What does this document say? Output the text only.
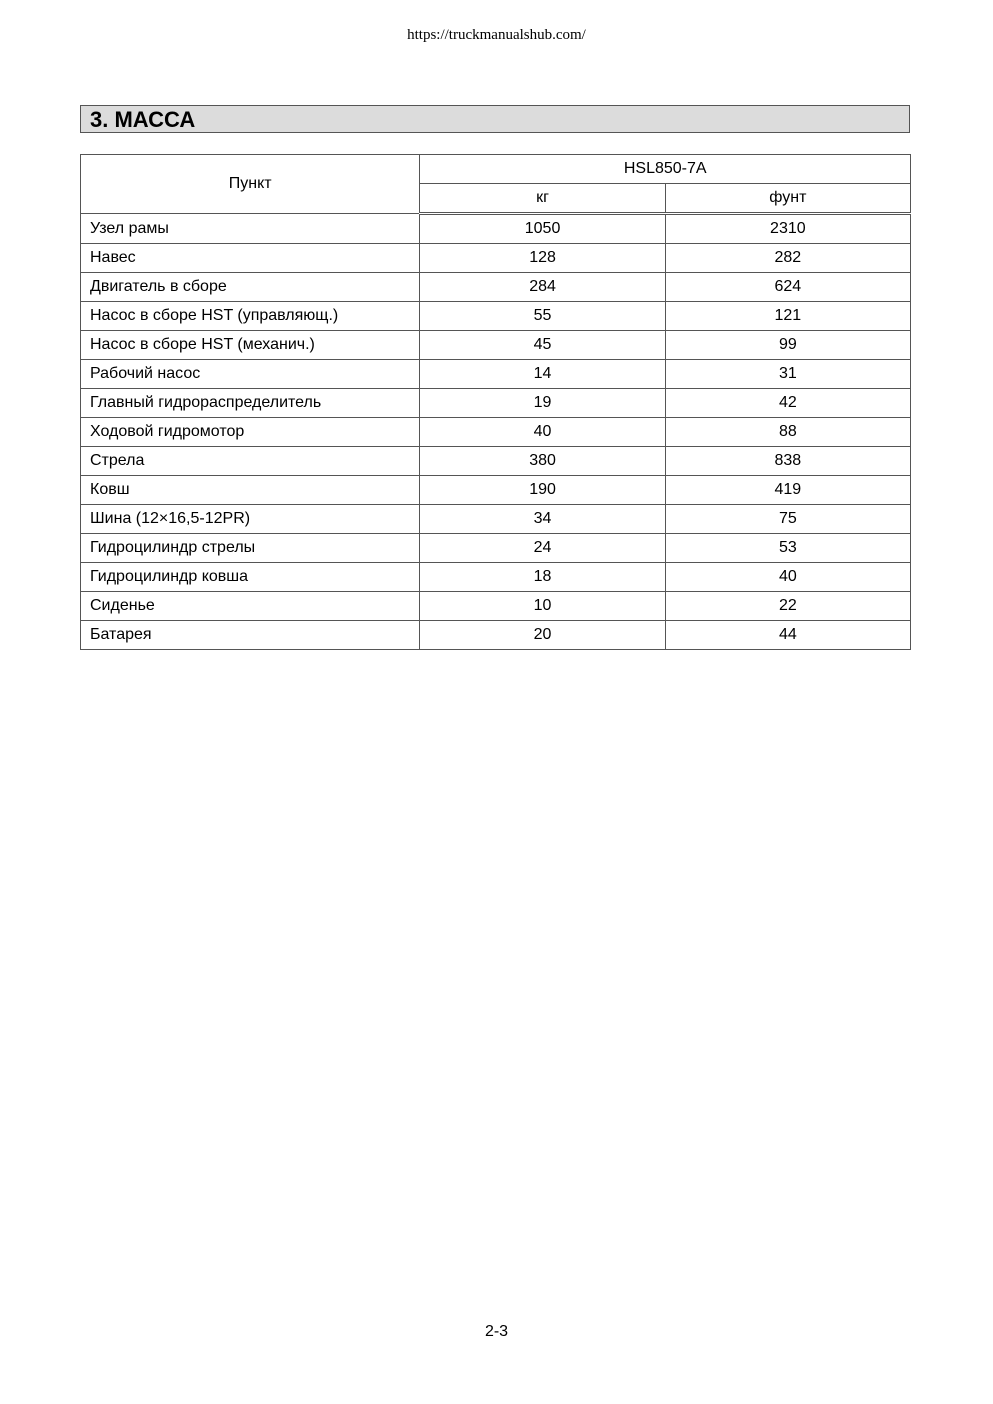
https://truckmanualshub.com/
3. МАССА
Пункт	HSL850-7A	
	кг	фунт
Узел рамы	1050	2310
Навес	128	282
Двигатель в сборе	284	624
Насос в сборе HST (управляющ.)	55	121
Насос в сборе HST (механич.)	45	99
Рабочий насос	14	31
Главный гидрораспределитель	19	42
Ходовой гидромотор	40	88
Стрела	380	838
Ковш	190	419
Шина (12×16,5-12PR)	34	75
Гидроцилиндр стрелы	24	53
Гидроцилиндр ковша	18	40
Сиденье	10	22
Батарея	20	44
2-3
